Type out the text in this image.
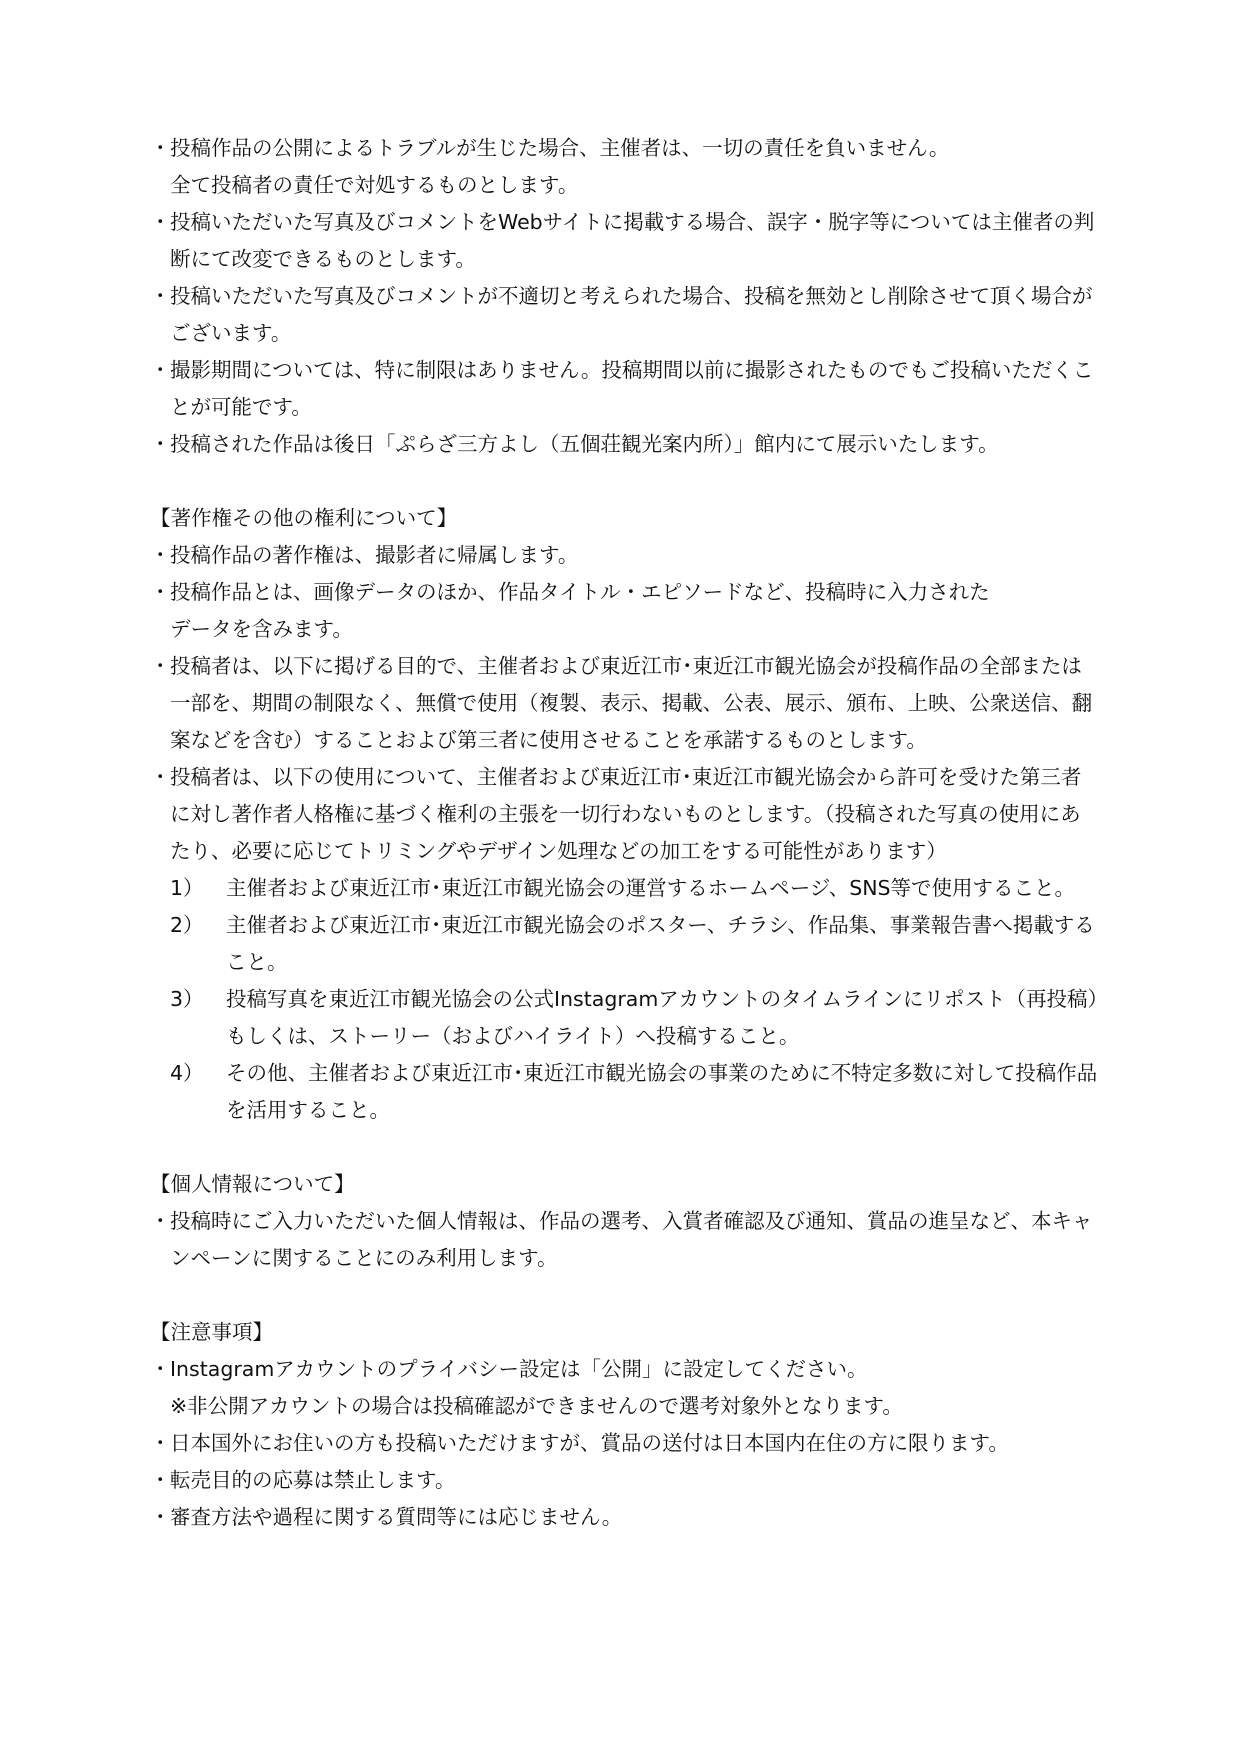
・ 投稿作品の公開によるトラブルが生じた場合、主催者は、一切の責任を負いません。
全て投稿者の責任で対処するものとします。
・ 投稿いただいた写真及びコメントをWebサイトに掲載する場合、誤字・脱字等については主催者の判断にて改変できるものとします。
・ 投稿いただいた写真及びコメントが不適切と考えられた場合、投稿を無効とし削除させて頂く場合がございます。
・ 撮影期間については、特に制限はありません。投稿期間以前に撮影されたものでもご投稿いただくことが可能です。
・ 投稿された作品は後日「ぷらざ三方よし（五個荘観光案内所）」館内にて展示いたします。
【著作権その他の権利について】
・ 投稿作品の著作権は、撮影者に帰属します。
・ 投稿作品とは、画像データのほか、作品タイトル・エピソードなど、投稿時に入力された
データを含みます。
・ 投稿者は、以下に掲げる目的で、主催者および東近江市･東近江市観光協会が投稿作品の全部または一部を、期間の制限なく、無償で使用（複製、表示、掲載、公表、展示、頒布、上映、公衆送信、翻案などを含む）することおよび第三者に使用させることを承諾するものとします。
・ 投稿者は、以下の使用について、主催者および東近江市･東近江市観光協会から許可を受けた第三者に対し著作者人格権に基づく権利の主張を一切行わないものとします。（投稿された写真の使用にあたり、必要に応じてトリミングやデザイン処理などの加工をする可能性があります）
1）	主催者および東近江市･東近江市観光協会の運営するホームページ、SNS等で使用すること。
2）	主催者および東近江市･東近江市観光協会のポスター、チラシ、作品集、事業報告書へ掲載すること。
3）	投稿写真を東近江市観光協会の公式Instagramアカウントのタイムラインにリポスト（再投稿）もしくは、ストーリー（およびハイライト）へ投稿すること。
4）	その他、主催者および東近江市･東近江市観光協会の事業のために不特定多数に対して投稿作品を活用すること。
【個人情報について】
・ 投稿時にご入力いただいた個人情報は、作品の選考、入賞者確認及び通知、賞品の進呈など、本キャンペーンに関することにのみ利用します。
【注意事項】
・ Instagramアカウントのプライバシー設定は「公開」に設定してください。
※非公開アカウントの場合は投稿確認ができませんので選考対象外となります。
・ 日本国外にお住いの方も投稿いただけますが、賞品の送付は日本国内在住の方に限ります。
・ 転売目的の応募は禁止します。
・ 審査方法や過程に関する質問等には応じません。
